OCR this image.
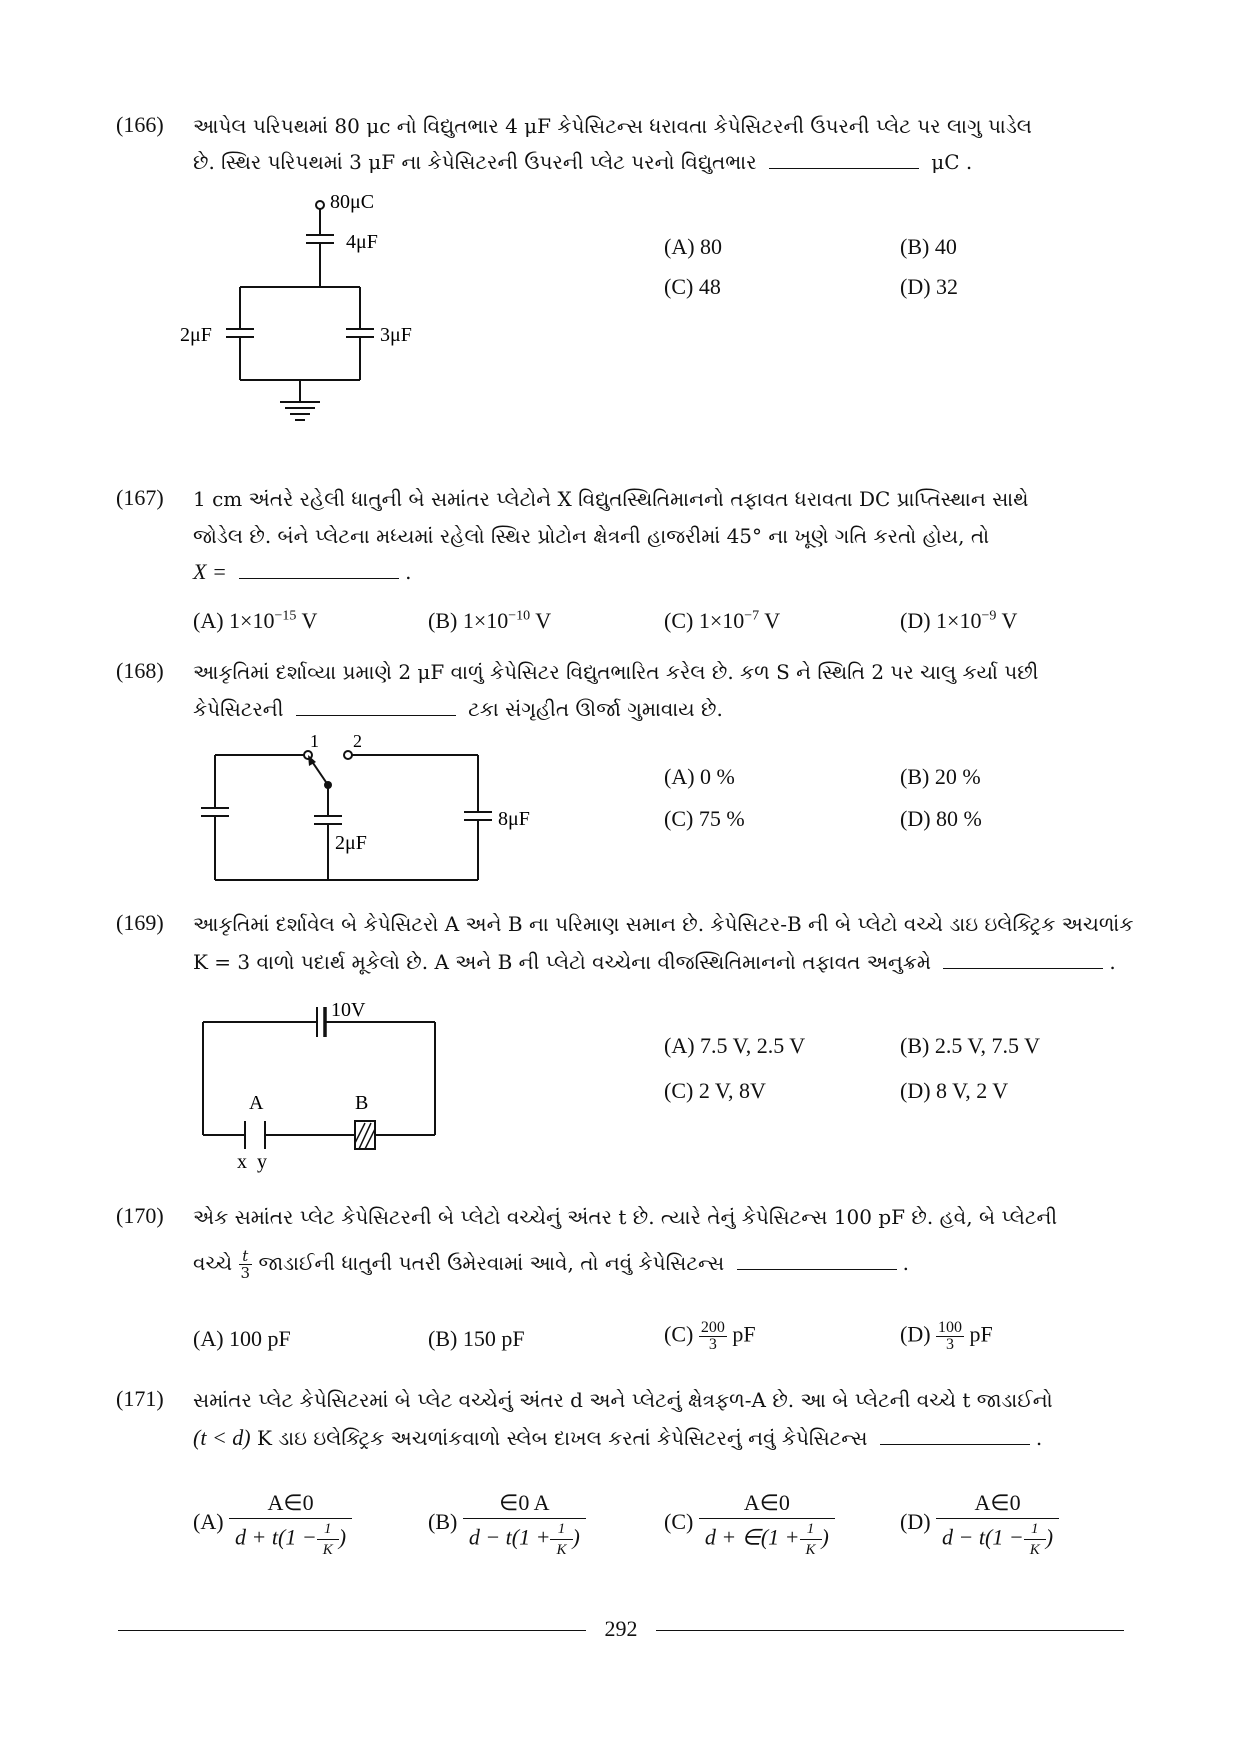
(166) આપેલ પરિપથમાં 80 μc નો વિદ્યુતભાર 4 μF કેપેસિટન્સ ધરાવતા કેપેસિટરની ઉપરની પ્લેટ પર લાગુ પાડેલ
છે. સ્થિર પરિપથમાં 3 μF ના કેપેસિટરની ઉપરની પ્લેટ પરનો વિદ્યુતભાર	μC .
80μC
4μF
2μF	3μF
(A) 80	(B) 40
(C) 48	(D) 32
(167) 1 cm અંતરે રહેલી ધાતુની બે સમાંતર પ્લેટોને X વિદ્યુતસ્થિતિમાનનો તફાવત ધરાવતા DC પ્રાપ્તિસ્થાન સાથે
જોડેલ છે. બંને પ્લેટના મધ્યમાં રહેલો સ્થિર પ્રોટોન ક્ષેત્રની હાજરીમાં 45° ના ખૂણે ગતિ કરતો હોય, તો
X =	.
(A) $1\times 10^{-15}$ V	(B) $1\times 10^{-10}$ V	(C) $1\times 10^{-7}$ V	(D) $1\times 10^{-9}$ V
(168) આકૃતિમાં દર્શાવ્યા પ્રમાણે 2 μF વાળું કેપેસિટર વિદ્યુતભારિત કરેલ છે. કળ S ને સ્થિતિ 2 પર ચાલુ કર્યા પછી
કેપેસિટરની	ટકા સંગૃહીત ઊર્જા ગુમાવાય છે.
1 2
2μF
8μF
(A) 0 %	(B) 20 %
(C) 75 %	(D) 80 %
(169) આકૃતિમાં દર્શાવેલ બે કેપેસિટરો A અને B ના પરિમાણ સમાન છે. કેપેસિટર-B ની બે પ્લેટો વચ્ચે ડાઇ ઇલેક્ટ્રિક અચળાંક
K = 3 વાળો પદાર્થ મૂકેલો છે. A અને B ની પ્લેટો વચ્ચેના વીજસ્થિતિમાનનો તફાવત અનુક્રમે	.
10V
A
x y
B
(A) 7.5 V, 2.5 V	(B) 2.5 V, 7.5 V
(C) 2 V, 8V	(D) 8 V, 2 V
(170) એક સમાંતર પ્લેટ કેપેસિટરની બે પ્લેટો વચ્ચેનું અંતર t છે. ત્યારે તેનું કેપેસિટન્સ 100 pF છે. હવે, બે પ્લેટની
વચ્ચે $\frac{t}{3}$ જાડાઈની ધાતુની પતરી ઉમેરવામાં આવે, તો નવું કેપેસિટન્સ	.
(A) 100 pF	(B) 150 pF	$(C) \frac{200}{3}$ pF	$(D) \frac{100}{3}$ pF
(171) સમાંતર પ્લેટ કેપેસિટરમાં બે પ્લેટ વચ્ચેનું અંતર d અને પ્લેટનું ક્ષેત્રફળ-A છે. આ બે પ્લેટની વચ્ચે t જાડાઈનો
(t < d) K ડાઇ ઇલેક્ટ્રિક અચળાંકવાળો સ્લેબ દાખલ કરતાં કેપેસિટરનું નવું કેપેસિટન્સ	.
$(A) \frac{A\in 0}{d + t(1 - \frac{1}{K} )}$	$(B) \frac{\in 0 A}{d - t(1 + \frac{1}{K} )}$	$(C) \frac{A\in 0}{d + \in(1 + \frac{1}{K} )}$	$(D) \frac{A\in 0}{d - t(1 - \frac{1}{K} )}$
292
